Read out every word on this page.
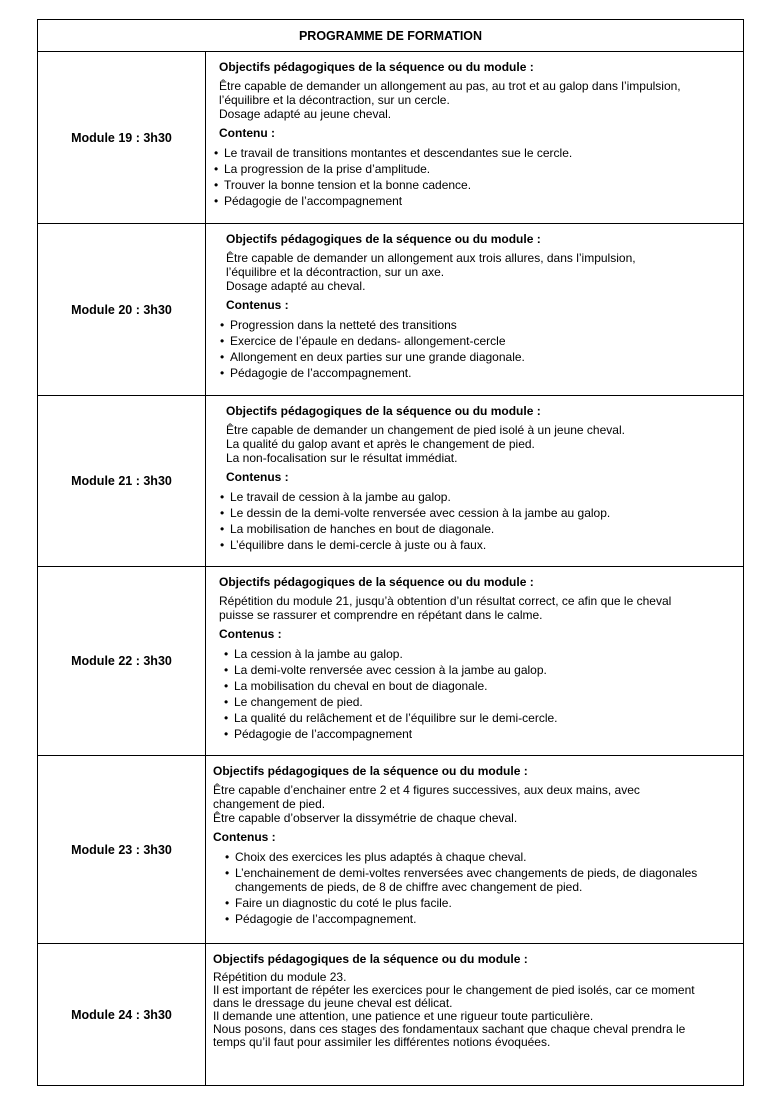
PROGRAMME DE FORMATION
Module 19 : 3h30
Objectifs pédagogiques de la séquence ou du module :
Être capable de demander un allongement au pas, au trot et au galop dans l’impulsion,
l’équilibre et la décontraction, sur un cercle.
Dosage adapté au jeune cheval.
Contenu :
• Le travail de transitions montantes et descendantes sue le cercle.
• La progression de la prise d’amplitude.
• Trouver la bonne tension et la bonne cadence.
• Pédagogie de l’accompagnement
Module 20 : 3h30
Objectifs pédagogiques de la séquence ou du module :
Être capable de demander un allongement aux trois allures, dans l’impulsion,
l’équilibre et la décontraction, sur un axe.
Dosage adapté au cheval.
Contenus :
• Progression dans la netteté des transitions
• Exercice de l’épaule en dedans- allongement-cercle
• Allongement en deux parties sur une grande diagonale.
• Pédagogie de l’accompagnement.
Module 21 : 3h30
Objectifs pédagogiques de la séquence ou du module :
Être capable de demander un changement de pied isolé à un jeune cheval.
La qualité du galop avant et après le changement de pied.
La non-focalisation sur le résultat immédiat.
Contenus :
• Le travail de cession à la jambe au galop.
• Le dessin de la demi-volte renversée avec cession à la jambe au galop.
• La mobilisation de hanches en bout de diagonale.
• L’équilibre dans le demi-cercle à juste ou à faux.
Module 22 : 3h30
Objectifs pédagogiques de la séquence ou du module :
Répétition du module 21, jusqu’à obtention d’un résultat correct, ce afin que le cheval
puisse se rassurer et comprendre en répétant dans le calme.
Contenus :
• La cession à la jambe au galop.
• La demi-volte renversée avec cession à la jambe au galop.
• La mobilisation du cheval en bout de diagonale.
• Le changement de pied.
• La qualité du relâchement et de l’équilibre sur le demi-cercle.
• Pédagogie de l’accompagnement
Module 23 : 3h30
Objectifs pédagogiques de la séquence ou du module :
Être capable d’enchainer entre 2 et 4 figures successives, aux deux mains, avec
changement de pied.
Être capable d’observer la dissymétrie de chaque cheval.
Contenus :
• Choix des exercices les plus adaptés à chaque cheval.
• L’enchainement de demi-voltes renversées avec changements de pieds, de diagonales changements de pieds, de 8 de chiffre avec changement de pied.
• Faire un diagnostic du coté le plus facile.
• Pédagogie de l’accompagnement.
Module 24 : 3h30
Objectifs pédagogiques de la séquence ou du module :
Répétition du module 23.
Il est important de répéter les exercices pour le changement de pied isolés, car ce moment
dans le dressage du jeune cheval est délicat.
Il demande une attention, une patience et une rigueur toute particulière.
Nous posons, dans ces stages des fondamentaux sachant que chaque cheval prendra le
temps qu’il faut pour assimiler les différentes notions évoquées.
